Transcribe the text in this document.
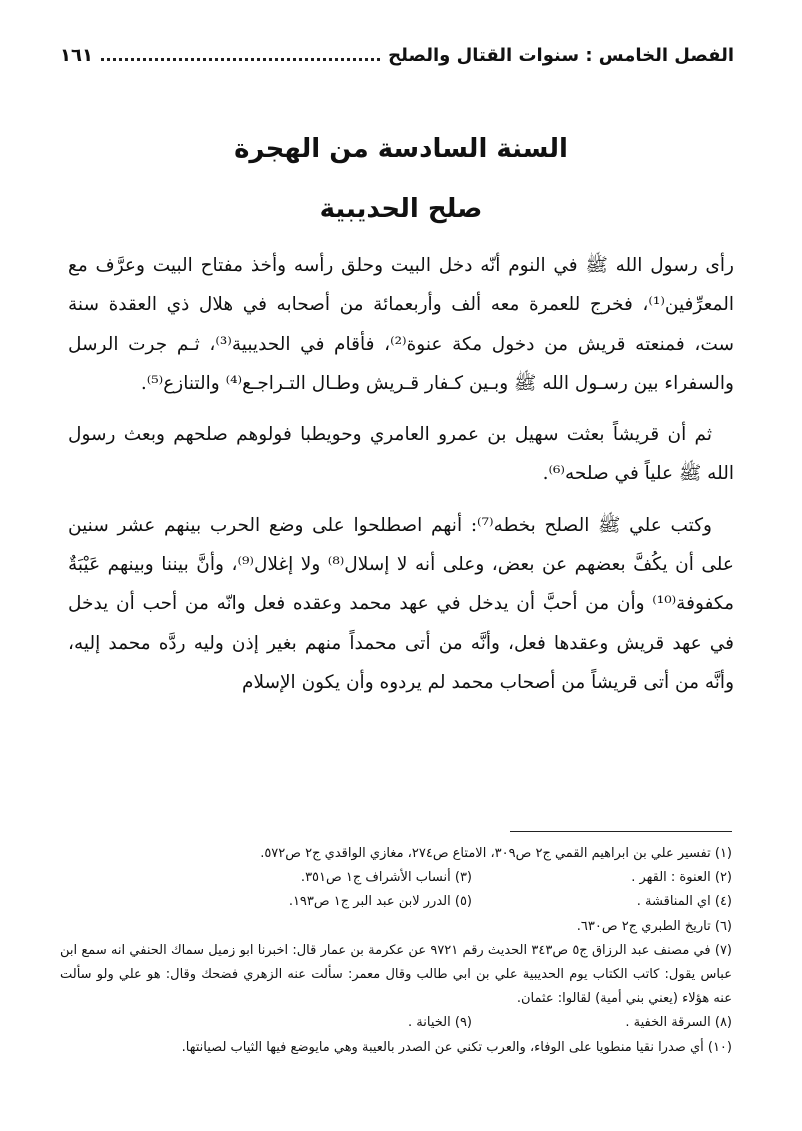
الفصل الخامس : سنوات القتال والصلح
١٦١
السنة السادسة من الهجرة
صلح الحديبية

رأى رسول الله ﷺ في النوم أنّه دخل البيت وحلق رأسه وأخذ مفتاح البيت وعرَّف مع المعرِّفين⁽¹⁾، فخرج للعمرة معه ألف وأربعمائة من أصحابه في هلال ذي العقدة سنة ست، فمنعته قريش من دخول مكة عنوة⁽²⁾، فأقام في الحديبية⁽³⁾، ثـم جرت الرسل والسفراء بين رسـول الله ﷺ وبـين كـفار قـريش وطـال التـراجـع⁽⁴⁾ والتنازع⁽⁵⁾.

ثم أن قريشاً بعثت سهيل بن عمرو العامري وحويطبا فولوهم صلحهم وبعث رسول الله ﷺ علياً في صلحه⁽⁶⁾.

وكتب علي ﷺ الصلح بخطه⁽⁷⁾: أنهم اصطلحوا على وضع الحرب بينهم عشر سنين على أن يكُفَّ بعضهم عن بعض، وعلى أنه لا إسلال⁽⁸⁾ ولا إغلال⁽⁹⁾، وأنَّ بيننا وبينهم عَيْبَةٌ مكفوفة⁽¹⁰⁾ وأن من أحبَّ أن يدخل في عهد محمد وعقده فعل وانّه من أحب أن يدخل في عهد قريش وعقدها فعل، وأنَّه من أتى محمداً منهم بغير إذن وليه ردَّه محمد إليه، وأنَّه من أتى قريشاً من أصحاب محمد لم يردوه وأن يكون الإسلام

(١) تفسير علي بن ابراهيم القمي ج٢ ص٣٠٩، الامتاع ص٢٧٤، مغازي الواقدي ج٢ ص٥٧٢.
(٢) العنوة : القهر .
(٣) أنساب الأشراف ج١ ص٣٥١.
(٤) اي المناقشة .
(٥) الدرر لابن عبد البر ج١ ص١٩٣.
(٦) تاريخ الطبري ج٢ ص٦٣٠.
(٧) في مصنف عبد الرزاق ج٥ ص٣٤٣ الحديث رقم ٩٧٢١ عن عكرمة بن عمار قال: اخبرنا ابو زميل سماك الحنفي انه سمع ابن عباس يقول: كاتب الكتاب يوم الحديبية علي بن ابي طالب وقال معمر: سألت عنه الزهري فضحك وقال: هو علي ولو سألت عنه هؤلاء (يعني بني أمية) لقالوا: عثمان.
(٨) السرقة الخفية .
(٩) الخيانة .
(١٠) أي صدرا نقيا منطويا على الوفاء، والعرب تكني عن الصدر بالعيبة وهي مايوضع فيها الثياب لصيانتها.
